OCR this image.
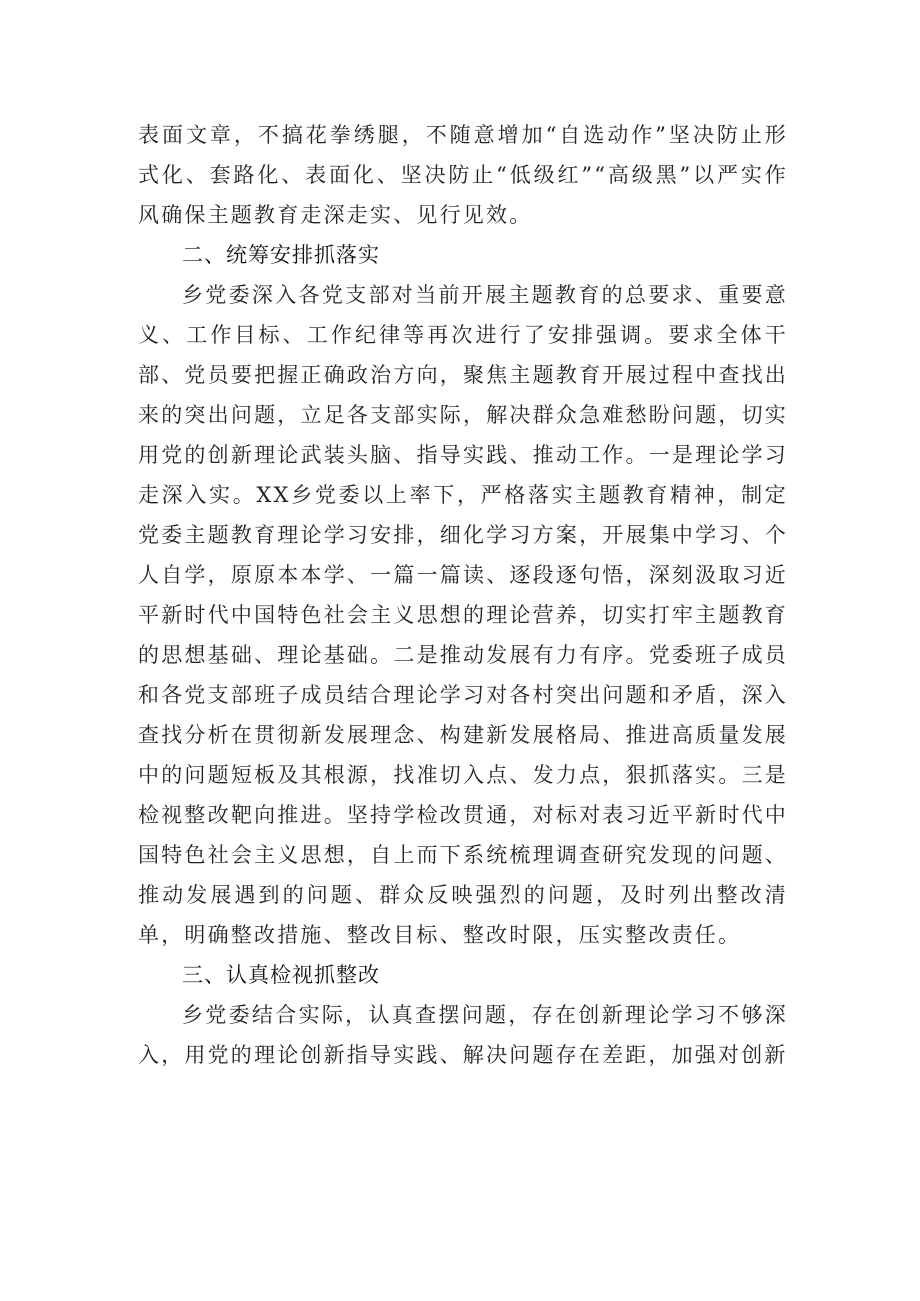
表面文章，不搞花拳绣腿，不随意增加“自选动作”坚决防止形式化、套路化、表面化、坚决防止“低级红”“高级黑”以严实作风确保主题教育走深走实、见行见效。

二、统筹安排抓落实

乡党委深入各党支部对当前开展主题教育的总要求、重要意义、工作目标、工作纪律等再次进行了安排强调。要求全体干部、党员要把握正确政治方向，聚焦主题教育开展过程中查找出来的突出问题，立足各支部实际，解决群众急难愁盼问题，切实用党的创新理论武装头脑、指导实践、推动工作。一是理论学习走深入实。XX乡党委以上率下，严格落实主题教育精神，制定党委主题教育理论学习安排，细化学习方案，开展集中学习、个人自学，原原本本学、一篇一篇读、逐段逐句悟，深刻汲取习近平新时代中国特色社会主义思想的理论营养，切实打牢主题教育的思想基础、理论基础。二是推动发展有力有序。党委班子成员和各党支部班子成员结合理论学习对各村突出问题和矛盾，深入查找分析在贯彻新发展理念、构建新发展格局、推进高质量发展中的问题短板及其根源，找准切入点、发力点，狠抓落实。三是检视整改靶向推进。坚持学检改贯通，对标对表习近平新时代中国特色社会主义思想，自上而下系统梳理调查研究发现的问题、推动发展遇到的问题、群众反映强烈的问题，及时列出整改清单，明确整改措施、整改目标、整改时限，压实整改责任。

三、认真检视抓整改

乡党委结合实际，认真查摆问题，存在创新理论学习不够深入，用党的理论创新指导实践、解决问题存在差距，加强对创新
